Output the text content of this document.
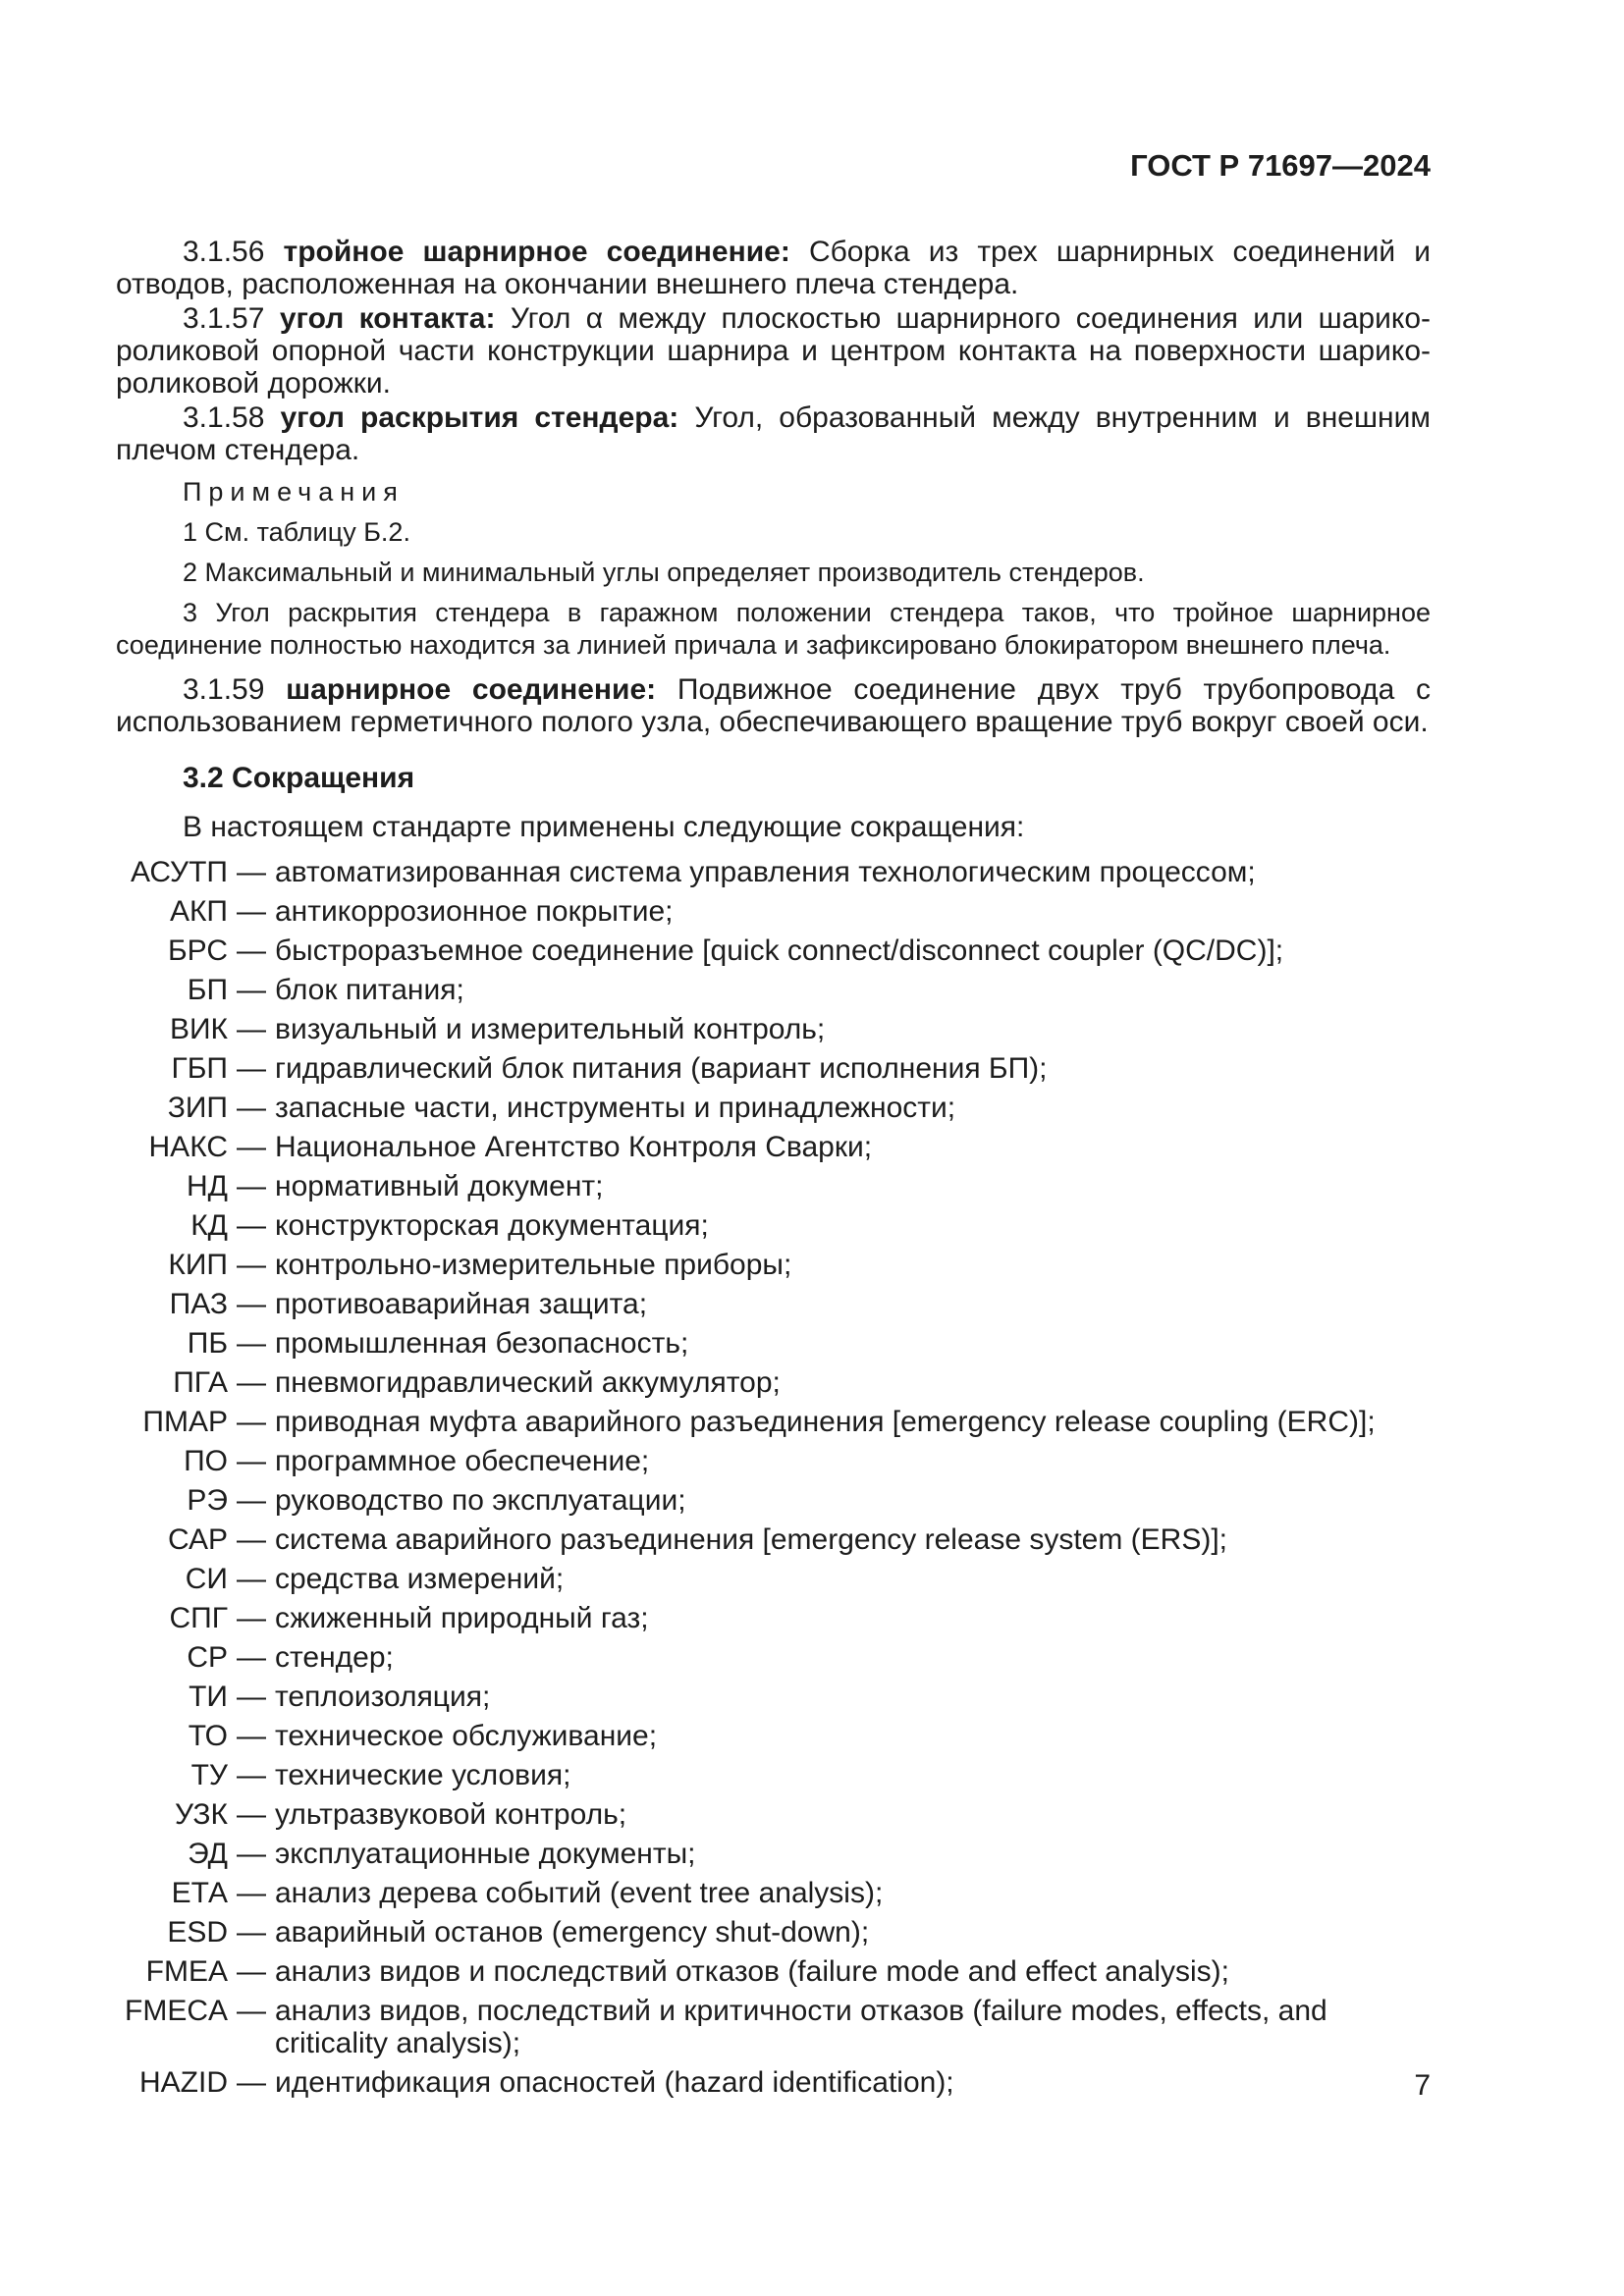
ГОСТ Р 71697—2024

3.1.56 тройное шарнирное соединение: Сборка из трех шарнирных соединений и отводов, расположенная на окончании внешнего плеча стендера.

3.1.57 угол контакта: Угол α между плоскостью шарнирного соединения или шарико-роликовой опорной части конструкции шарнира и центром контакта на поверхности шарико-роликовой дорожки.

3.1.58 угол раскрытия стендера: Угол, образованный между внутренним и внешним плечом стендера.

Примечания

1 См. таблицу Б.2.

2 Максимальный и минимальный углы определяет производитель стендеров.

3 Угол раскрытия стендера в гаражном положении стендера таков, что тройное шарнирное соединение полностью находится за линией причала и зафиксировано блокиратором внешнего плеча.

3.1.59 шарнирное соединение: Подвижное соединение двух труб трубопровода с использованием герметичного полого узла, обеспечивающего вращение труб вокруг своей оси.

3.2 Сокращения

В настоящем стандарте применены следующие сокращения:

АСУТП — автоматизированная система управления технологическим процессом;
АКП — антикоррозионное покрытие;
БРС — быстроразъемное соединение [quick connect/disconnect coupler (QC/DC)];
БП — блок питания;
ВИК — визуальный и измерительный контроль;
ГБП — гидравлический блок питания (вариант исполнения БП);
ЗИП — запасные части, инструменты и принадлежности;
НАКС — Национальное Агентство Контроля Сварки;
НД — нормативный документ;
КД — конструкторская документация;
КИП — контрольно-измерительные приборы;
ПАЗ — противоаварийная защита;
ПБ — промышленная безопасность;
ПГА — пневмогидравлический аккумулятор;
ПМАР — приводная муфта аварийного разъединения [emergency release coupling (ERC)];
ПО — программное обеспечение;
РЭ — руководство по эксплуатации;
САР — система аварийного разъединения [emergency release system (ERS)];
СИ — средства измерений;
СПГ — сжиженный природный газ;
СР — стендер;
ТИ — теплоизоляция;
ТО — техническое обслуживание;
ТУ — технические условия;
УЗК — ультразвуковой контроль;
ЭД — эксплуатационные документы;
ЕТА — анализ дерева событий (event tree analysis);
ESD — аварийный останов (emergency shut-down);
FMEA — анализ видов и последствий отказов (failure mode and effect analysis);
FMECA — анализ видов, последствий и критичности отказов (failure modes, effects, and criticality analysis);
HAZID — идентификация опасностей (hazard identification);	7
